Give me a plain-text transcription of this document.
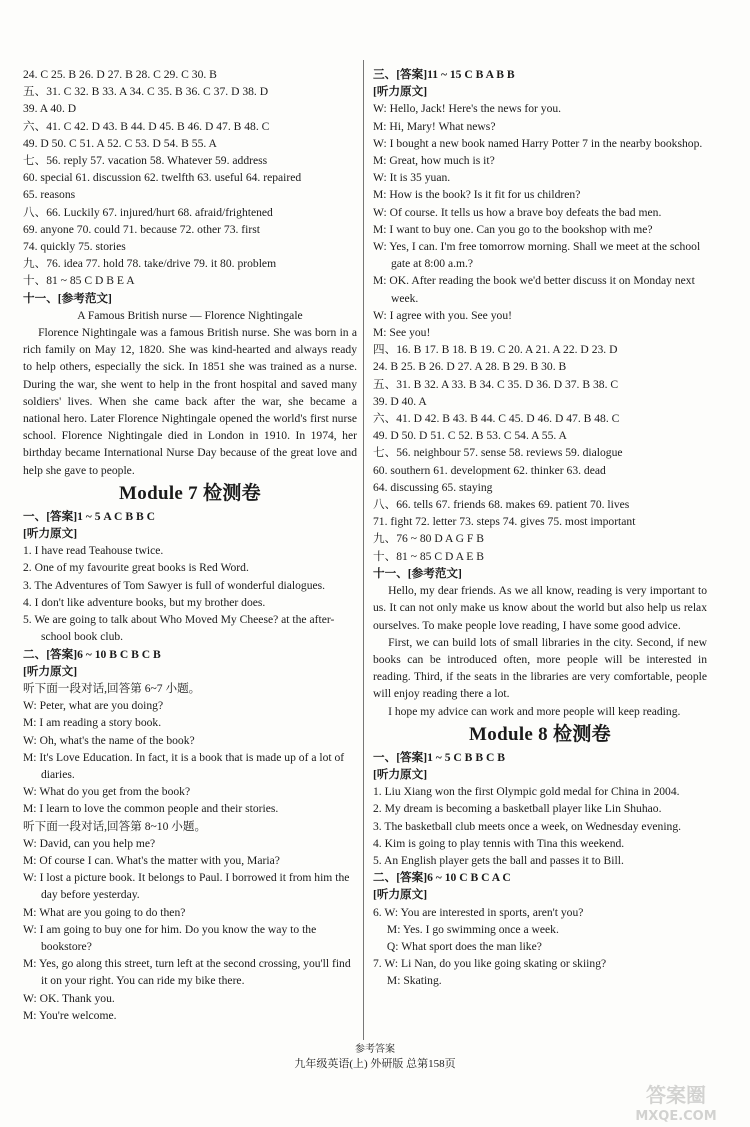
24. C 25. B 26. D 27. B 28. C 29. C 30. B
五、31. C 32. B 33. A 34. C 35. B 36. C 37. D 38. D
39. A 40. D
六、41. C 42. D 43. B 44. D 45. B 46. D 47. B 48. C
49. D 50. C 51. A 52. C 53. D 54. B 55. A
七、56. reply 57. vacation 58. Whatever 59. address
60. special 61. discussion 62. twelfth 63. useful 64. repaired
65. reasons
八、66. Luckily 67. injured/hurt 68. afraid/frightened
69. anyone 70. could 71. because 72. other 73. first
74. quickly 75. stories
九、76. idea 77. hold 78. take/drive 79. it 80. problem
十、81 ~ 85 C D B E A
十一、[参考范文]
A Famous British nurse — Florence Nightingale
Florence Nightingale was a famous British nurse. She was born in a rich family on May 12, 1820. She was kind-hearted and always ready to help others, especially the sick. In 1851 she was trained as a nurse. During the war, she went to help in the front hospital and saved many soldiers' lives. When she came back after the war, she became a national hero. Later Florence Nightingale opened the world's first nurse school. Florence Nightingale died in London in 1910. In 1974, her birthday became International Nurse Day because of the great love and help she gave to people.
Module 7 检测卷
一、[答案]1 ~ 5 A C B B C
[听力原文]
1. I have read Teahouse twice.
2. One of my favourite great books is Red Word.
3. The Adventures of Tom Sawyer is full of wonderful dialogues.
4. I don't like adventure books, but my brother does.
5. We are going to talk about Who Moved My Cheese? at the after-school book club.
二、[答案]6 ~ 10 B C B C B
[听力原文]
听下面一段对话,回答第 6~7 小题。
W: Peter, what are you doing?
M: I am reading a story book.
W: Oh, what's the name of the book?
M: It's Love Education. In fact, it is a book that is made up of a lot of diaries.
W: What do you get from the book?
M: I learn to love the common people and their stories.
听下面一段对话,回答第 8~10 小题。
W: David, can you help me?
M: Of course I can. What's the matter with you, Maria?
W: I lost a picture book. It belongs to Paul. I borrowed it from him the day before yesterday.
M: What are you going to do then?
W: I am going to buy one for him. Do you know the way to the bookstore?
M: Yes, go along this street, turn left at the second crossing, you'll find it on your right. You can ride my bike there.
W: OK. Thank you.
M: You're welcome.
三、[答案]11 ~ 15 C B A B B
[听力原文]
W: Hello, Jack! Here's the news for you.
M: Hi, Mary! What news?
W: I bought a new book named Harry Potter 7 in the nearby bookshop.
M: Great, how much is it?
W: It is 35 yuan.
M: How is the book? Is it fit for us children?
W: Of course. It tells us how a brave boy defeats the bad men.
M: I want to buy one. Can you go to the bookshop with me?
W: Yes, I can. I'm free tomorrow morning. Shall we meet at the school gate at 8:00 a.m.?
M: OK. After reading the book we'd better discuss it on Monday next week.
W: I agree with you. See you!
M: See you!
四、16. B 17. B 18. B 19. C 20. A 21. A 22. D 23. D
24. B 25. B 26. D 27. A 28. B 29. B 30. B
五、31. B 32. A 33. B 34. C 35. D 36. D 37. B 38. C
39. D 40. A
六、41. D 42. B 43. B 44. C 45. D 46. D 47. B 48. C
49. D 50. D 51. C 52. B 53. C 54. A 55. A
七、56. neighbour 57. sense 58. reviews 59. dialogue
60. southern 61. development 62. thinker 63. dead
64. discussing 65. staying
八、66. tells 67. friends 68. makes 69. patient 70. lives
71. fight 72. letter 73. steps 74. gives 75. most important
九、76 ~ 80 D A G F B
十、81 ~ 85 C D A E B
十一、[参考范文]
Hello, my dear friends. As we all know, reading is very important to us. It can not only make us know about the world but also help us relax ourselves. To make people love reading, I have some good advice.
First, we can build lots of small libraries in the city. Second, if new books can be introduced often, more people will be interested in reading. Third, if the seats in the libraries are very comfortable, people will enjoy reading there a lot.
I hope my advice can work and more people will keep reading.
Module 8 检测卷
一、[答案]1 ~ 5 C B B C B
[听力原文]
1. Liu Xiang won the first Olympic gold medal for China in 2004.
2. My dream is becoming a basketball player like Lin Shuhao.
3. The basketball club meets once a week, on Wednesday evening.
4. Kim is going to play tennis with Tina this weekend.
5. An English player gets the ball and passes it to Bill.
二、[答案]6 ~ 10 C B C A C
[听力原文]
6. W: You are interested in sports, aren't you?
M: Yes. I go swimming once a week.
Q: What sport does the man like?
7. W: Li Nan, do you like going skating or skiing?
M: Skating.
参考答案
九年级英语(上) 外研版 总第158页
答案圈
MXQE.COM
